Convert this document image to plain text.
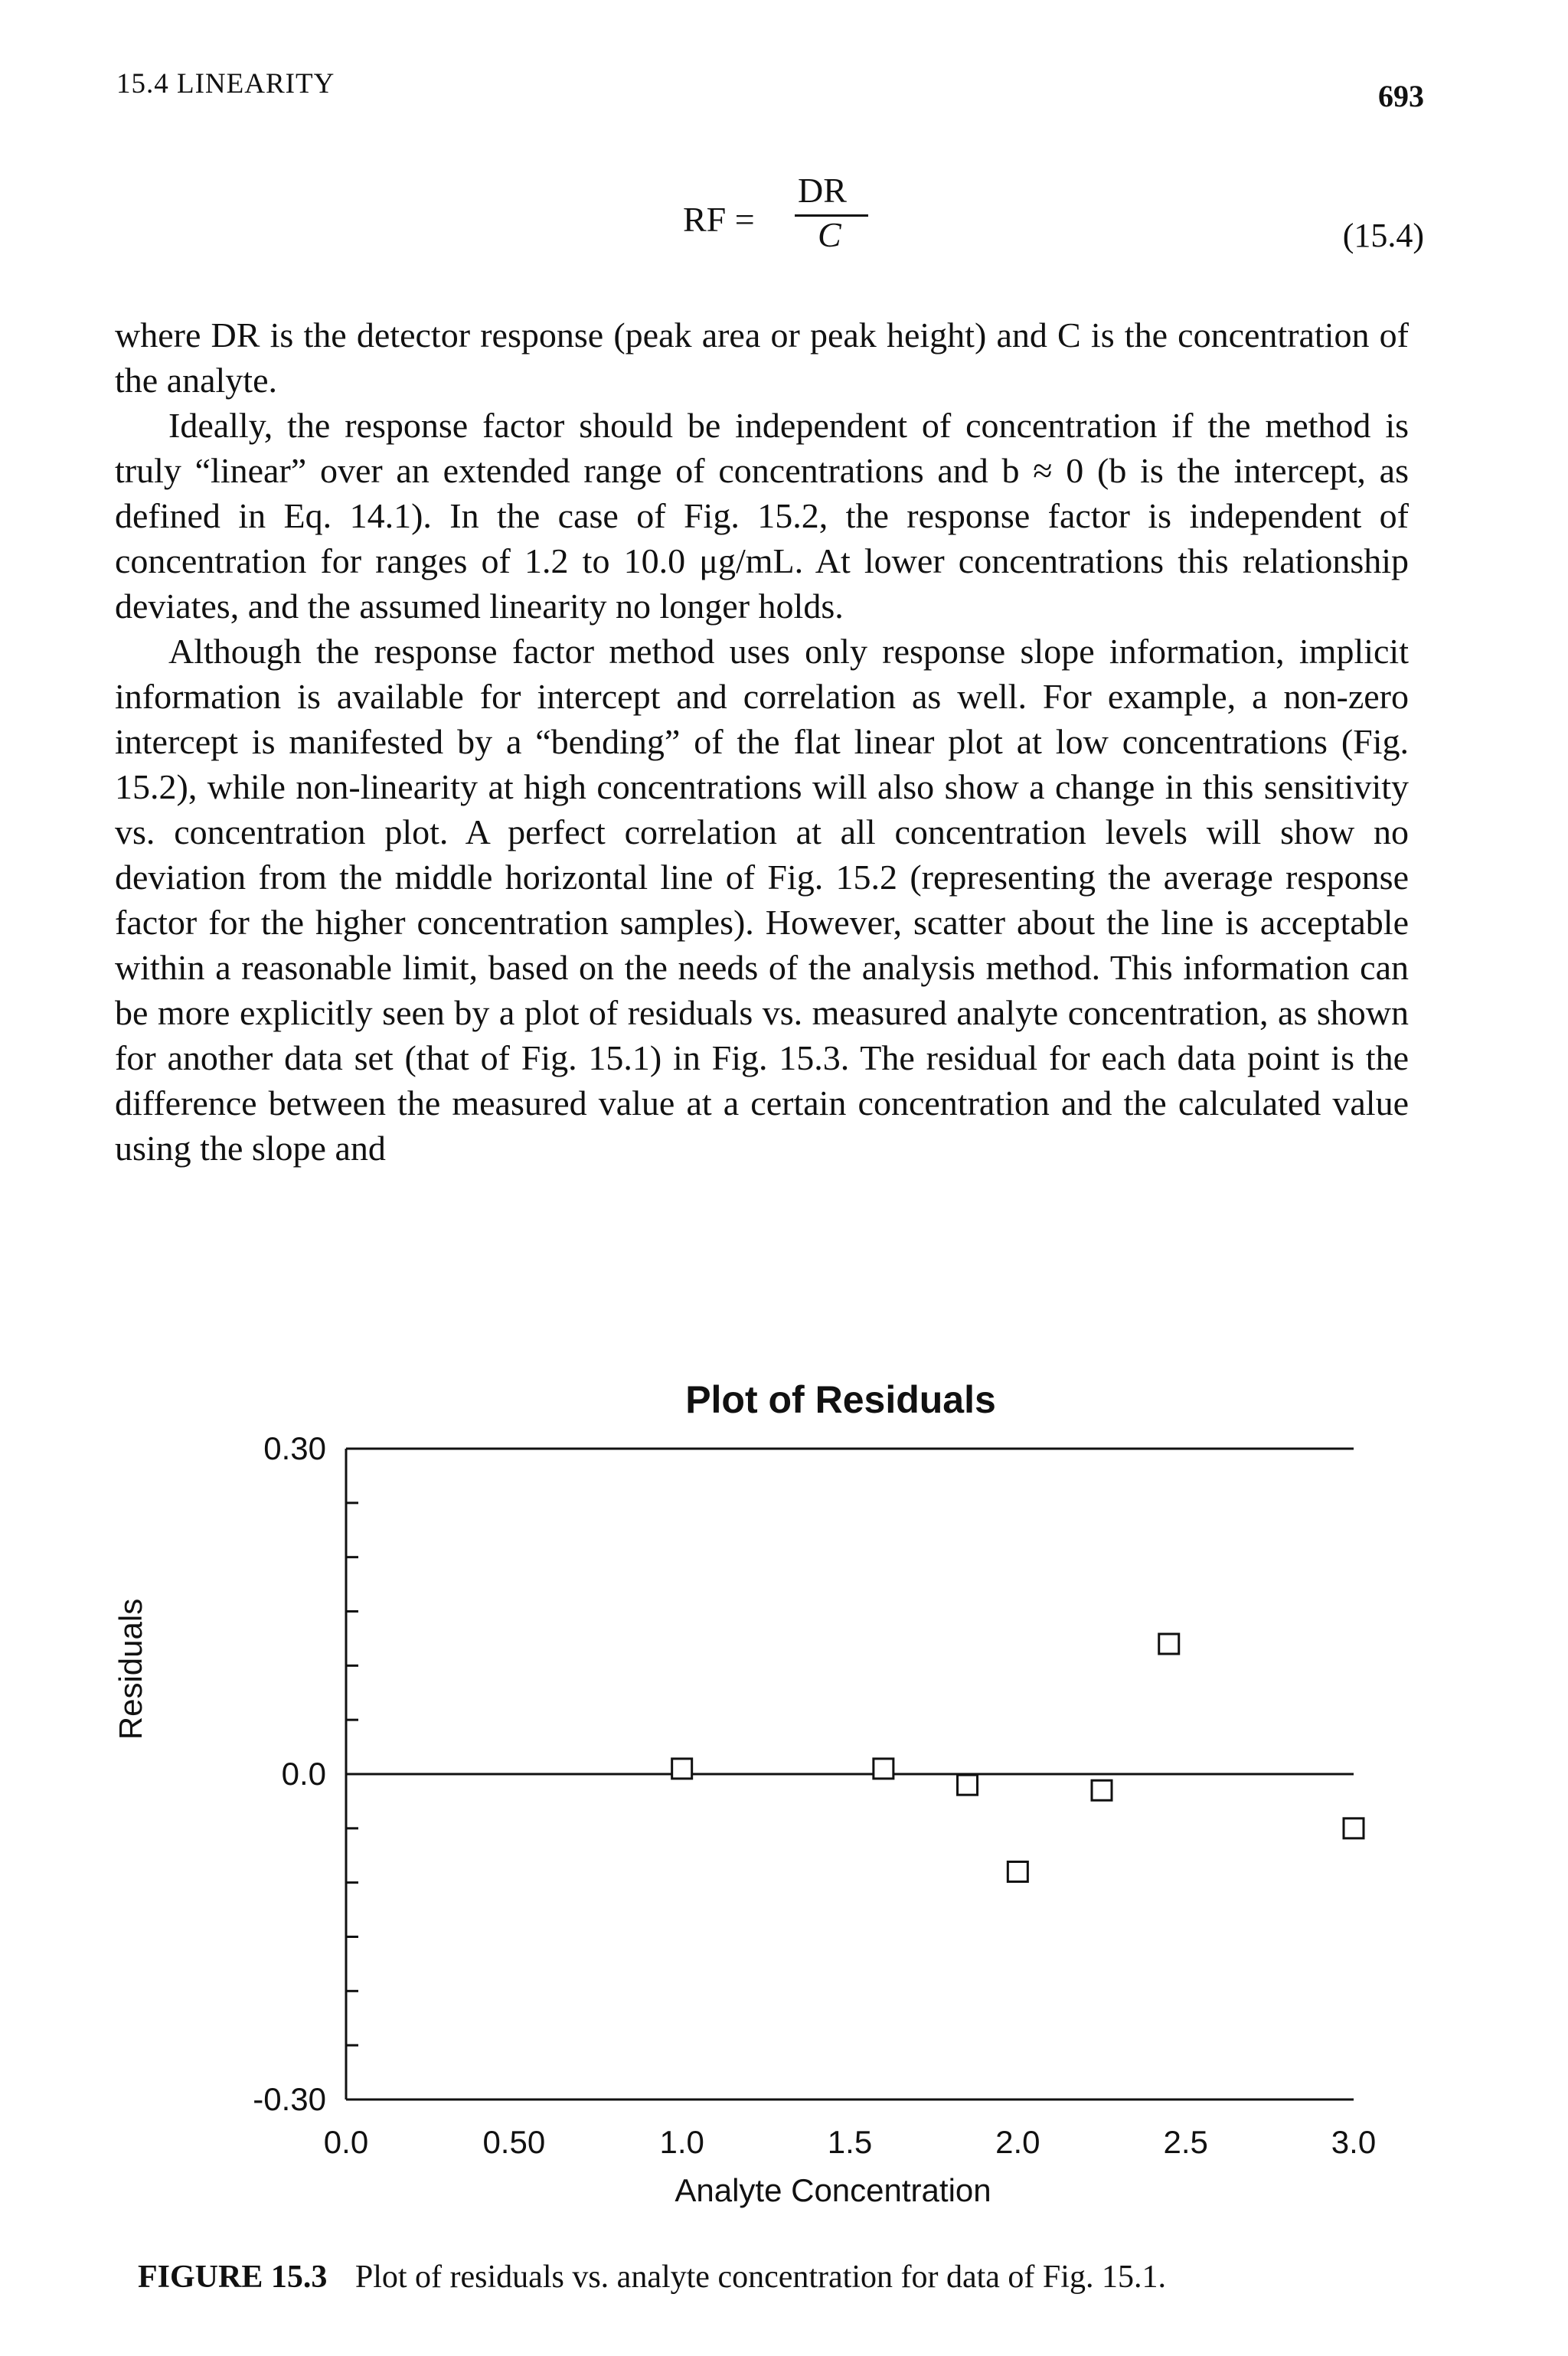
15.4 LINEARITY	693
RF =
DR
C	(15.4)

where DR is the detector response (peak area or peak height) and C is the concentration of the analyte.

Ideally, the response factor should be independent of concentration if the method is truly “linear” over an extended range of concentrations and b ≈ 0 (b is the intercept, as defined in Eq. 14.1). In the case of Fig. 15.2, the response factor is independent of concentration for ranges of 1.2 to 10.0 μg/mL. At lower concentrations this relationship deviates, and the assumed linearity no longer holds.

Although the response factor method uses only response slope information, implicit information is available for intercept and correlation as well. For example, a non-zero intercept is manifested by a “bending” of the flat linear plot at low concentrations (Fig. 15.2), while non-linearity at high concentrations will also show a change in this sensitivity vs. concentration plot. A perfect correlation at all concentration levels will show no deviation from the middle horizontal line of Fig. 15.2 (representing the average response factor for the higher concentration samples). However, scatter about the line is acceptable within a reasonable limit, based on the needs of the analysis method. This information can be more explicitly seen by a plot of residuals vs. measured analyte concentration, as shown for another data set (that of Fig. 15.1) in Fig. 15.3. The residual for each data point is the difference between the measured value at a certain concentration and the calculated value using the slope and

Plot of Residuals
Residuals
Analyte Concentration
0.30
0.0
-0.30
0.0	0.50	1.0	1.5	2.0	2.5	3.0
FIGURE 15.3 Plot of residuals vs. analyte concentration for data of Fig. 15.1.
